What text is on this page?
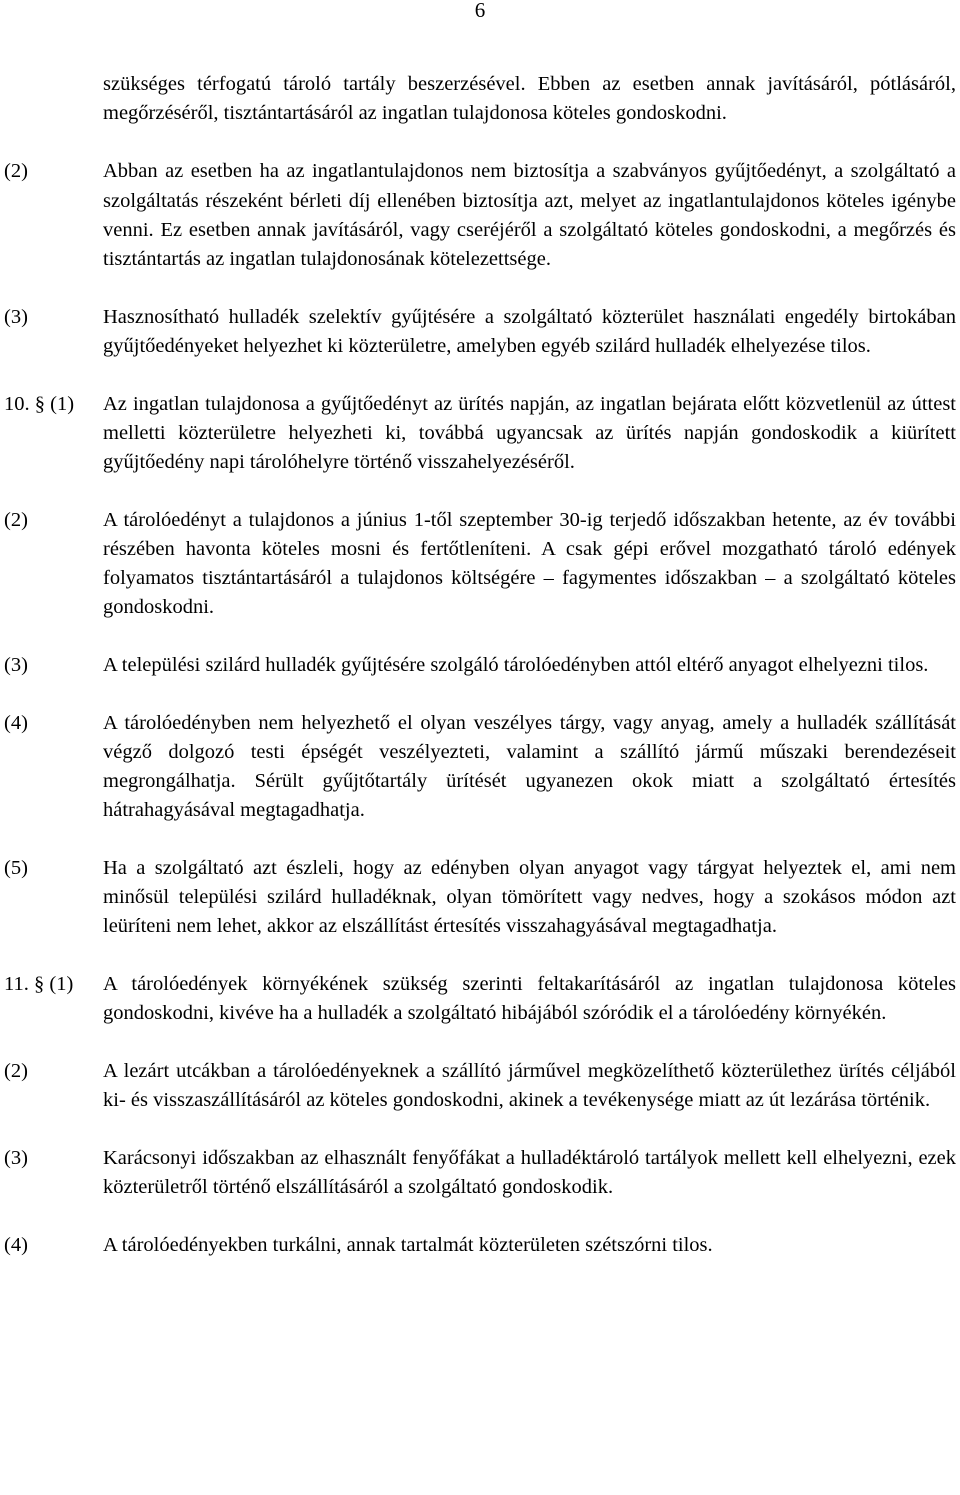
6
szükséges térfogatú tároló tartály beszerzésével. Ebben az esetben annak javításáról, pótlásáról, megőrzéséről, tisztántartásáról az ingatlan tulajdonosa köteles gondoskodni.
(2)	Abban az esetben ha az ingatlantulajdonos nem biztosítja a szabványos gyűjtőedényt, a szolgáltató a szolgáltatás részeként bérleti díj ellenében biztosítja azt, melyet az ingatlantulajdonos köteles igénybe venni. Ez esetben annak javításáról, vagy cseréjéről a szolgáltató köteles gondoskodni, a megőrzés és tisztántartás az ingatlan tulajdonosának kötelezettsége.
(3)	Hasznosítható hulladék szelektív gyűjtésére a szolgáltató közterület használati engedély birtokában gyűjtőedényeket helyezhet ki közterületre, amelyben egyéb szilárd hulladék elhelyezése tilos.
10. § (1) Az ingatlan tulajdonosa a gyűjtőedényt az ürítés napján, az ingatlan bejárata előtt közvetlenül az úttest melletti közterületre helyezheti ki, továbbá ugyancsak az ürítés napján gondoskodik a kiürített gyűjtőedény napi tárolóhelyre történő visszahelyezéséről.
(2)	A tárolóedényt a tulajdonos a június 1-től szeptember 30-ig terjedő időszakban hetente, az év további részében havonta köteles mosni és fertőtleníteni. A csak gépi erővel mozgatható tároló edények folyamatos tisztántartásáról a tulajdonos költségére – fagymentes időszakban – a szolgáltató köteles gondoskodni.
(3)	A települési szilárd hulladék gyűjtésére szolgáló tárolóedényben attól eltérő anyagot elhelyezni tilos.
(4)	A tárolóedényben nem helyezhető el olyan veszélyes tárgy, vagy anyag, amely a hulladék szállítását végző dolgozó testi épségét veszélyezteti, valamint a szállító jármű műszaki berendezéseit megrongálhatja. Sérült gyűjtőtartály ürítését ugyanezen okok miatt a szolgáltató értesítés hátrahagyásával megtagadhatja.
(5)	Ha a szolgáltató azt észleli, hogy az edényben olyan anyagot vagy tárgyat helyeztek el, ami nem minősül települési szilárd hulladéknak, olyan tömörített vagy nedves, hogy a szokásos módon azt leüríteni nem lehet, akkor az elszállítást értesítés visszahagyásával megtagadhatja.
11. § (1) A tárolóedények környékének szükség szerinti feltakarításáról az ingatlan tulajdonosa köteles gondoskodni, kivéve ha a hulladék a szolgáltató hibájából szóródik el a tárolóedény környékén.
(2)	A lezárt utcákban a tárolóedényeknek a szállító járművel megközelíthető közterülethez ürítés céljából ki- és visszaszállításáról az köteles gondoskodni, akinek a tevékenysége miatt az út lezárása történik.
(3)	Karácsonyi időszakban az elhasznált fenyőfákat a hulladéktároló tartályok mellett kell elhelyezni, ezek közterületről történő elszállításáról a szolgáltató gondoskodik.
(4)	A tárolóedényekben turkálni, annak tartalmát közterületen szétszórni tilos.
